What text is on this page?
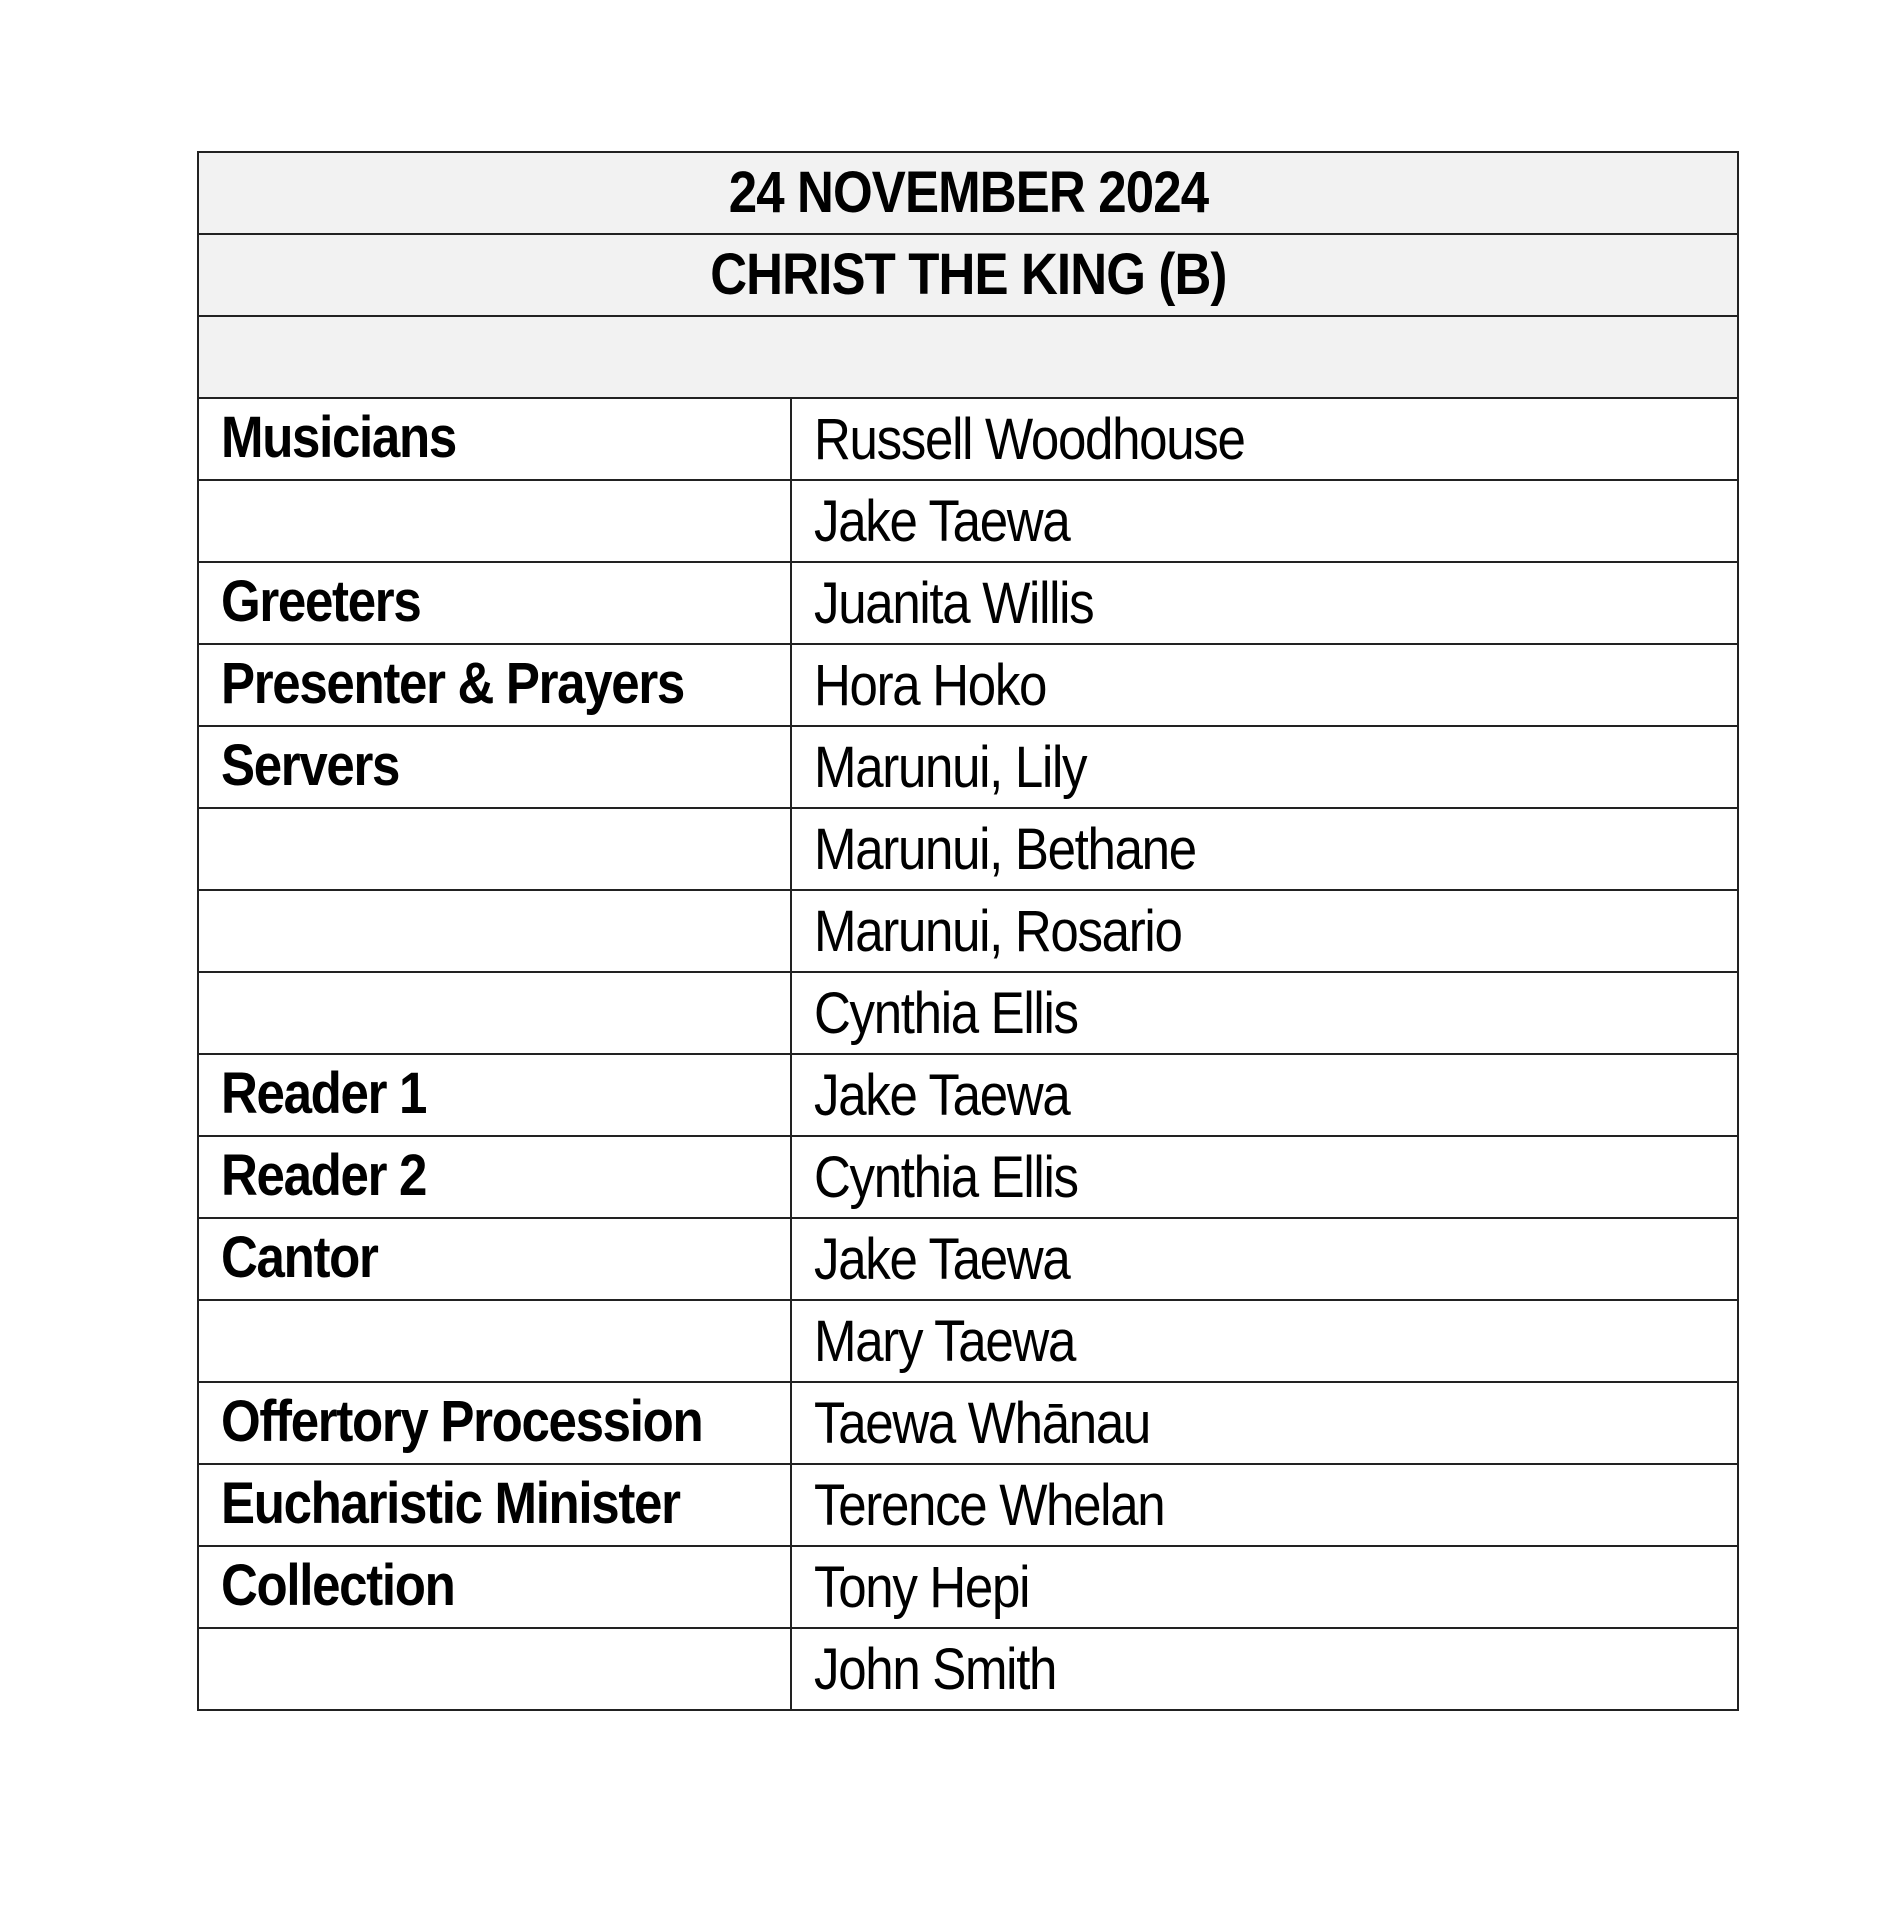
24 NOVEMBER 2024	
CHRIST THE KING (B)	

Musicians	Russell Woodhouse
	Jake Taewa
Greeters	Juanita Willis
Presenter & Prayers	Hora Hoko
Servers	Marunui, Lily
	Marunui, Bethane
	Marunui, Rosario
	Cynthia Ellis
Reader 1	Jake Taewa
Reader 2	Cynthia Ellis
Cantor	Jake Taewa
	Mary Taewa
Offertory Procession	Taewa Whānau
Eucharistic Minister	Terence Whelan
Collection	Tony Hepi
	John Smith
